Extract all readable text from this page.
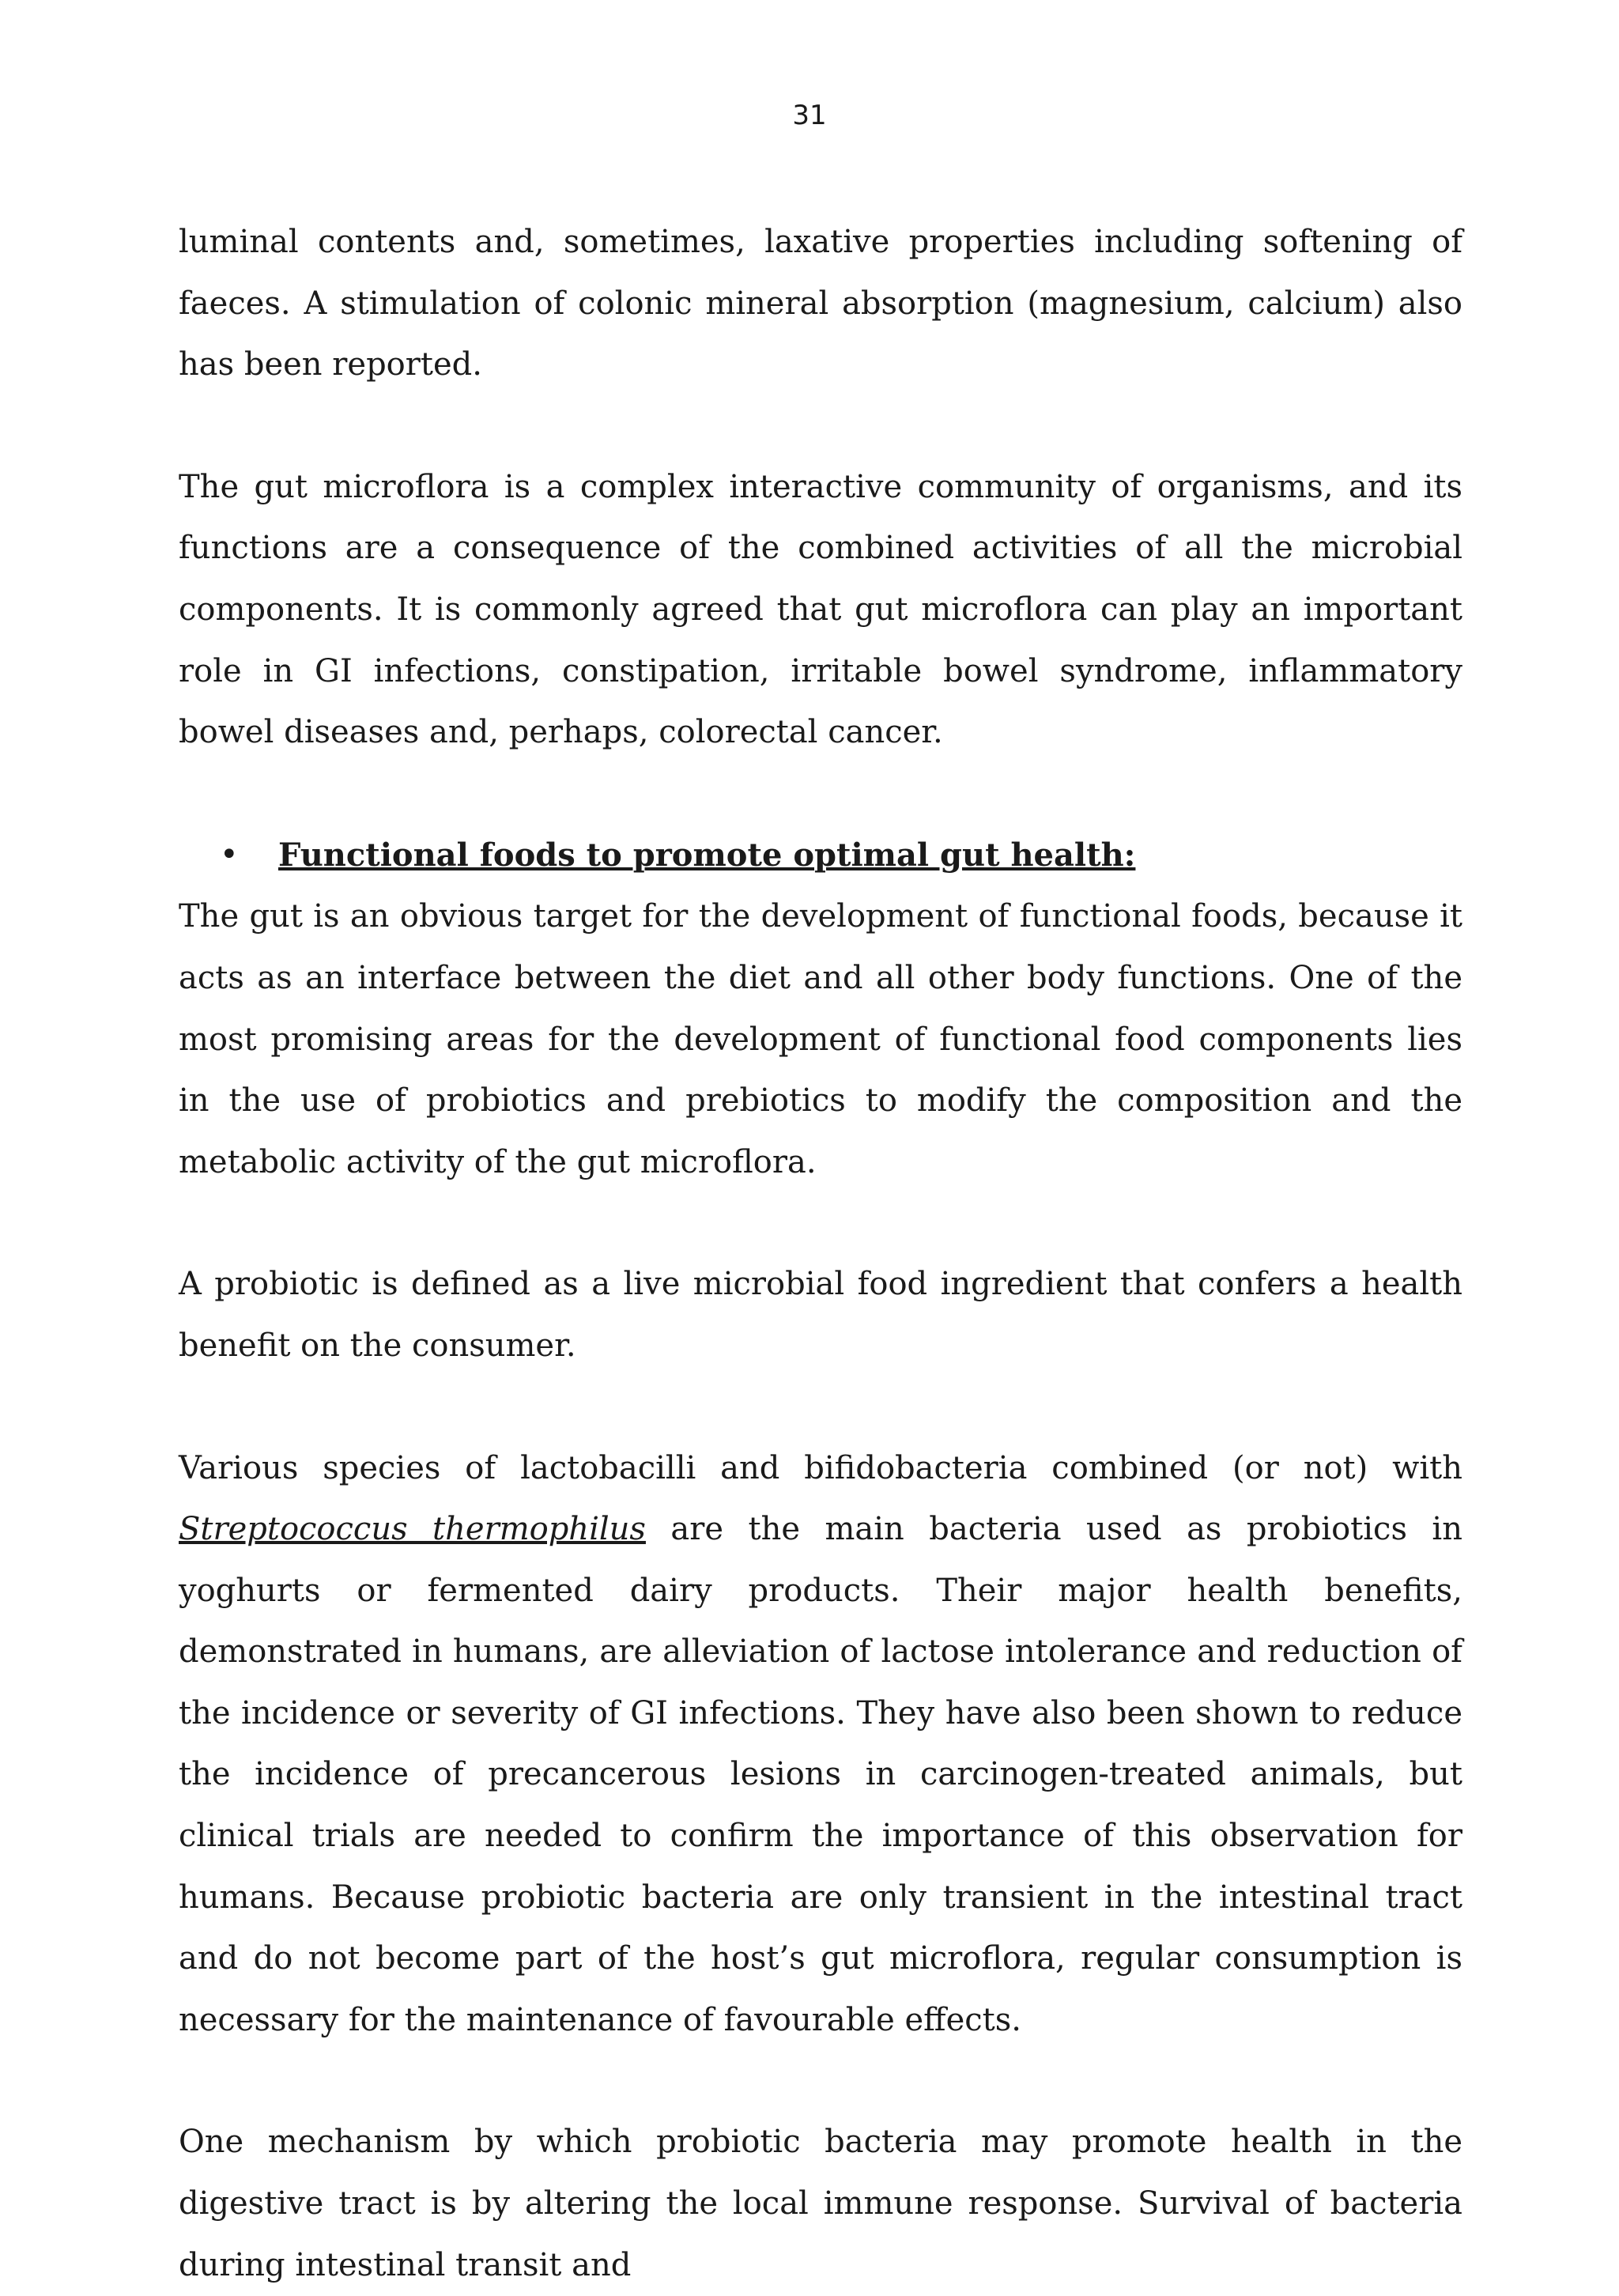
31

luminal contents and, sometimes, laxative properties including softening of faeces. A stimulation of colonic mineral absorption (magnesium, calcium) also has been reported.

The gut microflora is a complex interactive community of organisms, and its functions are a consequence of the combined activities of all the microbial components. It is commonly agreed that gut microflora can play an important role in GI infections, constipation, irritable bowel syndrome, inflammatory bowel diseases and, perhaps, colorectal cancer.

• Functional foods to promote optimal gut health:

The gut is an obvious target for the development of functional foods, because it acts as an interface between the diet and all other body functions. One of the most promising areas for the development of functional food components lies in the use of probiotics and prebiotics to modify the composition and the metabolic activity of the gut microflora.

A probiotic is defined as a live microbial food ingredient that confers a health benefit on the consumer.

Various species of lactobacilli and bifidobacteria combined (or not) with Streptococcus thermophilus are the main bacteria used as probiotics in yoghurts or fermented dairy products. Their major health benefits, demonstrated in humans, are alleviation of lactose intolerance and reduction of the incidence or severity of GI infections. They have also been shown to reduce the incidence of precancerous lesions in carcinogen-treated animals, but clinical trials are needed to confirm the importance of this observation for humans. Because probiotic bacteria are only transient in the intestinal tract and do not become part of the host’s gut microflora, regular consumption is necessary for the maintenance of favourable effects.

One mechanism by which probiotic bacteria may promote health in the digestive tract is by altering the local immune response. Survival of bacteria during intestinal transit and
